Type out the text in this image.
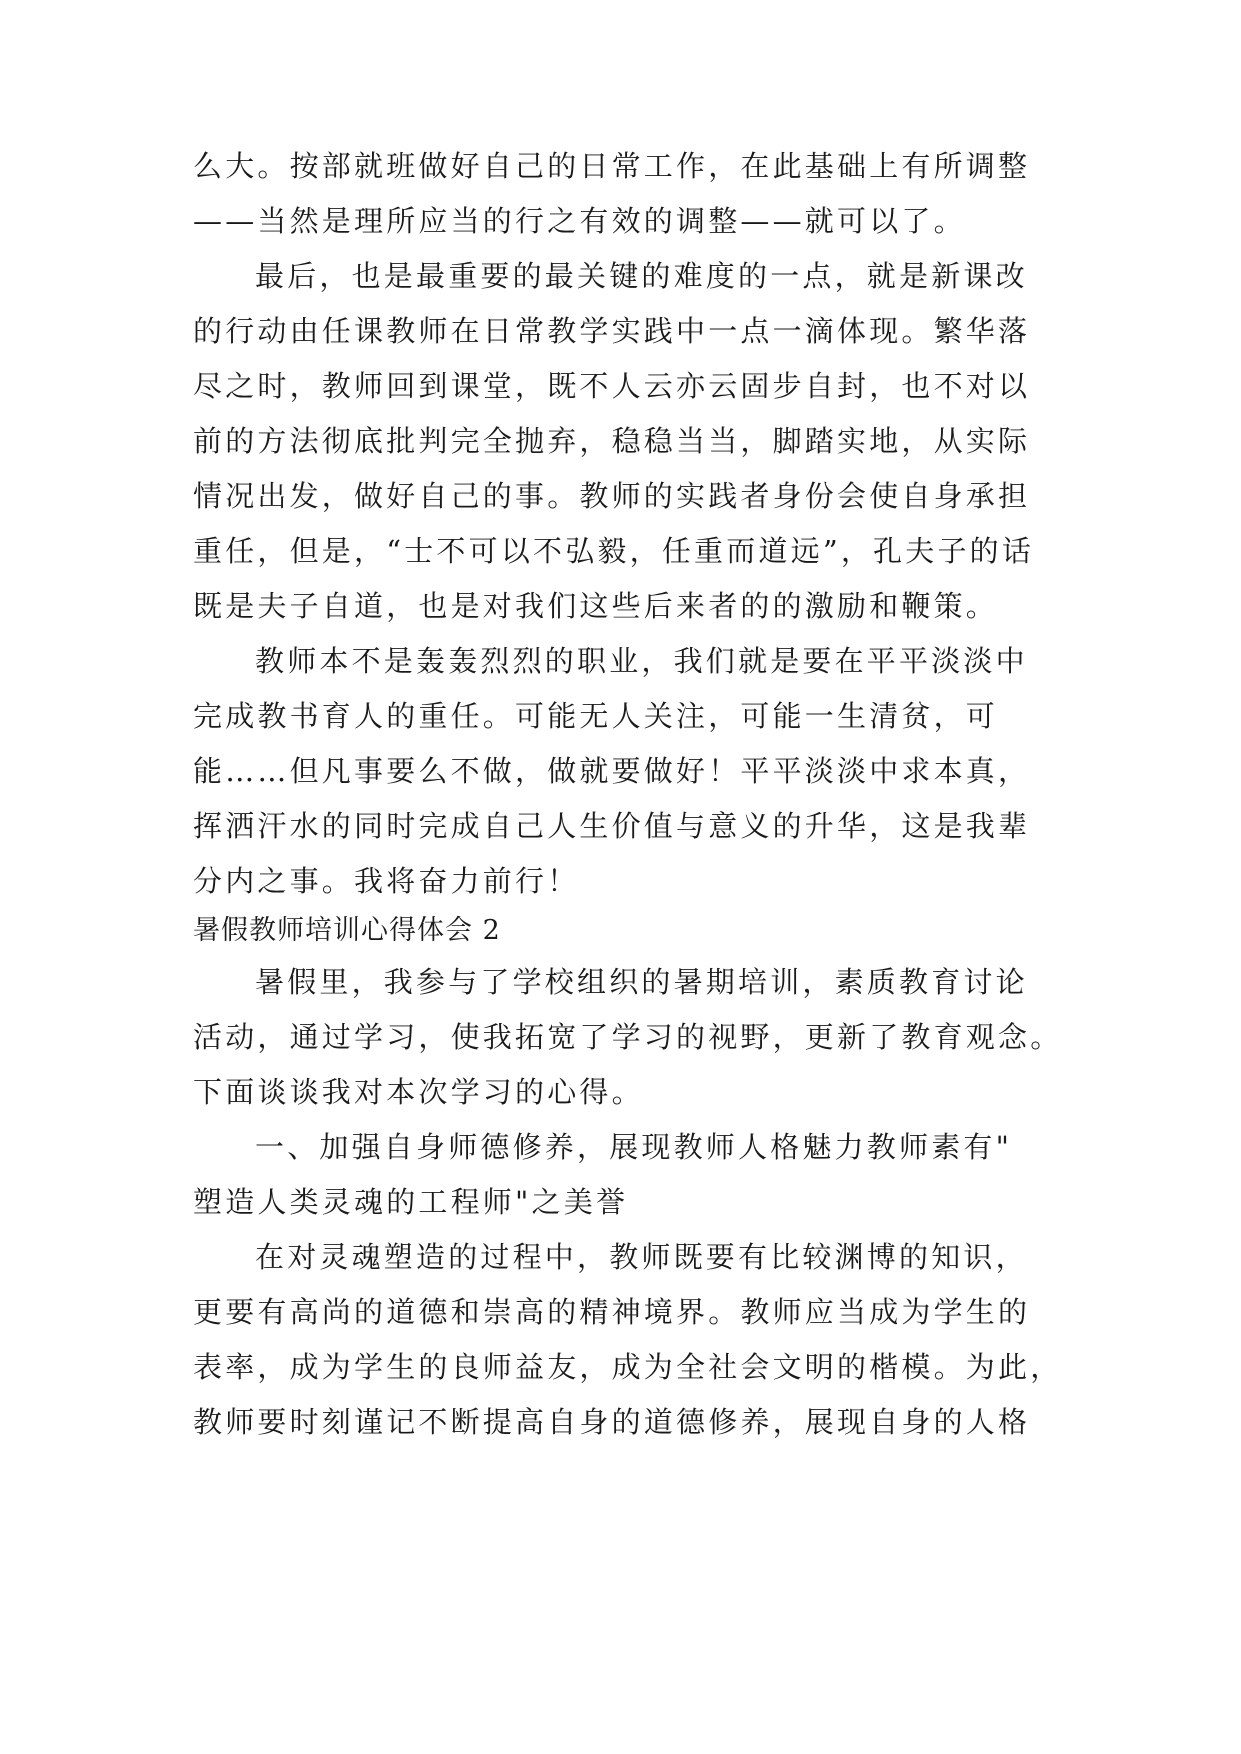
么大。按部就班做好自己的日常工作，在此基础上有所调整
——当然是理所应当的行之有效的调整——就可以了。
最后，也是最重要的最关键的难度的一点，就是新课改
的行动由任课教师在日常教学实践中一点一滴体现。繁华落
尽之时，教师回到课堂，既不人云亦云固步自封，也不对以
前的方法彻底批判完全抛弃，稳稳当当，脚踏实地，从实际
情况出发，做好自己的事。教师的实践者身份会使自身承担
重任，但是，“士不可以不弘毅，任重而道远”，孔夫子的话
既是夫子自道，也是对我们这些后来者的的激励和鞭策。
教师本不是轰轰烈烈的职业，我们就是要在平平淡淡中
完成教书育人的重任。可能无人关注，可能一生清贫，可
能……但凡事要么不做，做就要做好！平平淡淡中求本真，
挥洒汗水的同时完成自己人生价值与意义的升华，这是我辈
分内之事。我将奋力前行！
暑假教师培训心得体会 2
暑假里，我参与了学校组织的暑期培训，素质教育讨论
活动，通过学习，使我拓宽了学习的视野，更新了教育观念。
下面谈谈我对本次学习的心得。
一、加强自身师德修养，展现教师人格魅力教师素有"
塑造人类灵魂的工程师"之美誉
在对灵魂塑造的过程中，教师既要有比较渊博的知识，
更要有高尚的道德和崇高的精神境界。教师应当成为学生的
表率，成为学生的良师益友，成为全社会文明的楷模。为此，
教师要时刻谨记不断提高自身的道德修养，展现自身的人格
